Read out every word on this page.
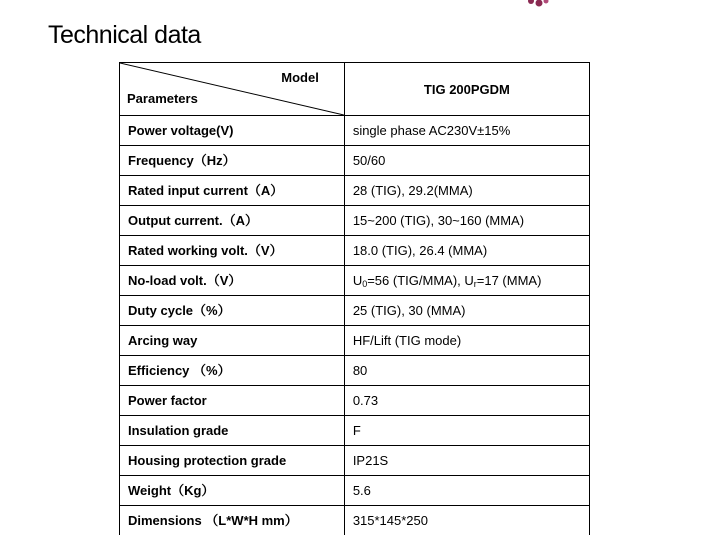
Technical data
Model
Parameters	TIG 200PGDM
Power voltage(V)	single phase AC230V±15%
Frequency（Hz）	50/60
Rated input current（A）	28 (TIG), 29.2(MMA)
Output current.（A）	15~200 (TIG), 30~160 (MMA)
Rated working volt.（V）	18.0 (TIG), 26.4 (MMA)
No-load volt.（V）	$U_0=56$ (TIG/MMA), $U_r=17$ (MMA)
Duty cycle（%）	25 (TIG), 30 (MMA)
Arcing way	HF/Lift (TIG mode)
Efficiency （%）	80
Power factor	0.73
Insulation grade	F
Housing protection grade	IP21S
Weight（Kg）	5.6
Dimensions （L*W*H mm）	315*145*250
